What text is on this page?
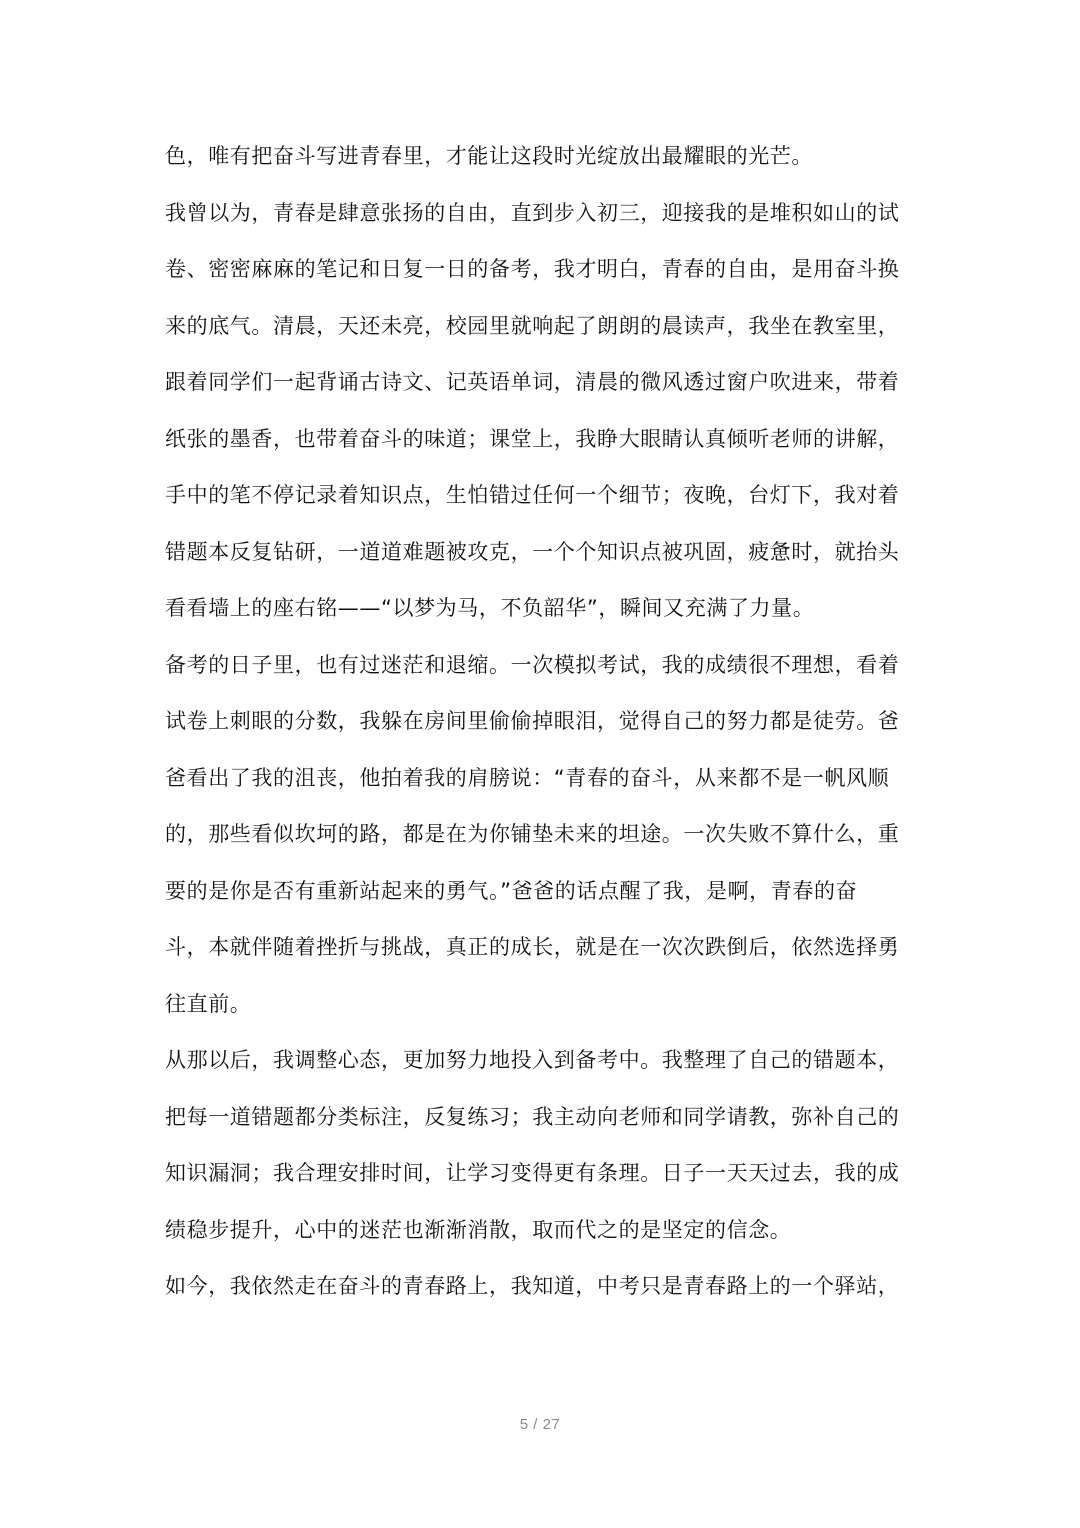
色，唯有把奋斗写进青春里，才能让这段时光绽放出最耀眼的光芒。
我曾以为，青春是肆意张扬的自由，直到步入初三，迎接我的是堆积如山的试
卷、密密麻麻的笔记和日复一日的备考，我才明白，青春的自由，是用奋斗换
来的底气。清晨，天还未亮，校园里就响起了朗朗的晨读声，我坐在教室里，
跟着同学们一起背诵古诗文、记英语单词，清晨的微风透过窗户吹进来，带着
纸张的墨香，也带着奋斗的味道；课堂上，我睁大眼睛认真倾听老师的讲解，
手中的笔不停记录着知识点，生怕错过任何一个细节；夜晚，台灯下，我对着
错题本反复钻研，一道道难题被攻克，一个个知识点被巩固，疲惫时，就抬头
看看墙上的座右铭——“以梦为马，不负韶华”，瞬间又充满了力量。
备考的日子里，也有过迷茫和退缩。一次模拟考试，我的成绩很不理想，看着
试卷上刺眼的分数，我躲在房间里偷偷掉眼泪，觉得自己的努力都是徒劳。爸
爸看出了我的沮丧，他拍着我的肩膀说：“青春的奋斗，从来都不是一帆风顺
的，那些看似坎坷的路，都是在为你铺垫未来的坦途。一次失败不算什么，重
要的是你是否有重新站起来的勇气。”爸爸的话点醒了我，是啊，青春的奋
斗，本就伴随着挫折与挑战，真正的成长，就是在一次次跌倒后，依然选择勇
往直前。
从那以后，我调整心态，更加努力地投入到备考中。我整理了自己的错题本，
把每一道错题都分类标注，反复练习；我主动向老师和同学请教，弥补自己的
知识漏洞；我合理安排时间，让学习变得更有条理。日子一天天过去，我的成
绩稳步提升，心中的迷茫也渐渐消散，取而代之的是坚定的信念。
如今，我依然走在奋斗的青春路上，我知道，中考只是青春路上的一个驿站，
5 / 27
